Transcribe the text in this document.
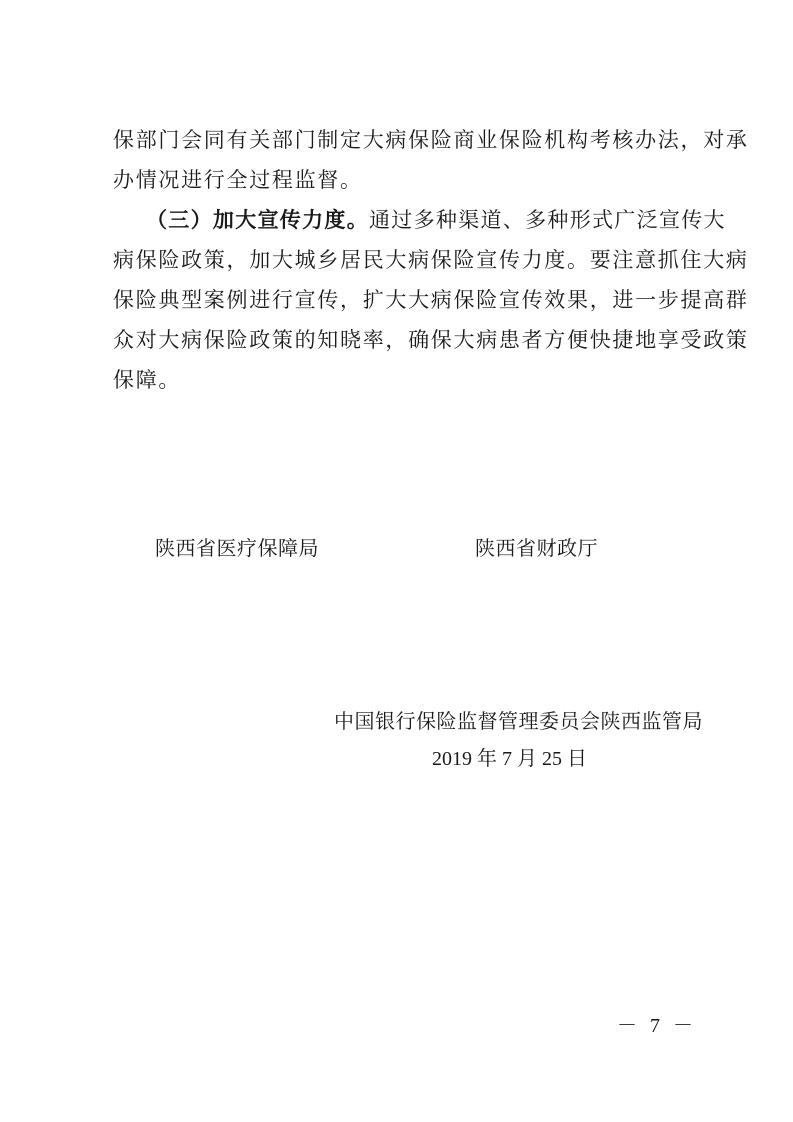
保部门会同有关部门制定大病保险商业保险机构考核办法，对承

办情况进行全过程监督。

（三）加大宣传力度。通过多种渠道、多种形式广泛宣传大

病保险政策，加大城乡居民大病保险宣传力度。要注意抓住大病

保险典型案例进行宣传，扩大大病保险宣传效果，进一步提高群

众对大病保险政策的知晓率，确保大病患者方便快捷地享受政策

保障。

陕西省医疗保障局	陕西省财政厅

中国银行保险监督管理委员会陕西监管局

2019 年 7 月 25 日

－ 7 －
